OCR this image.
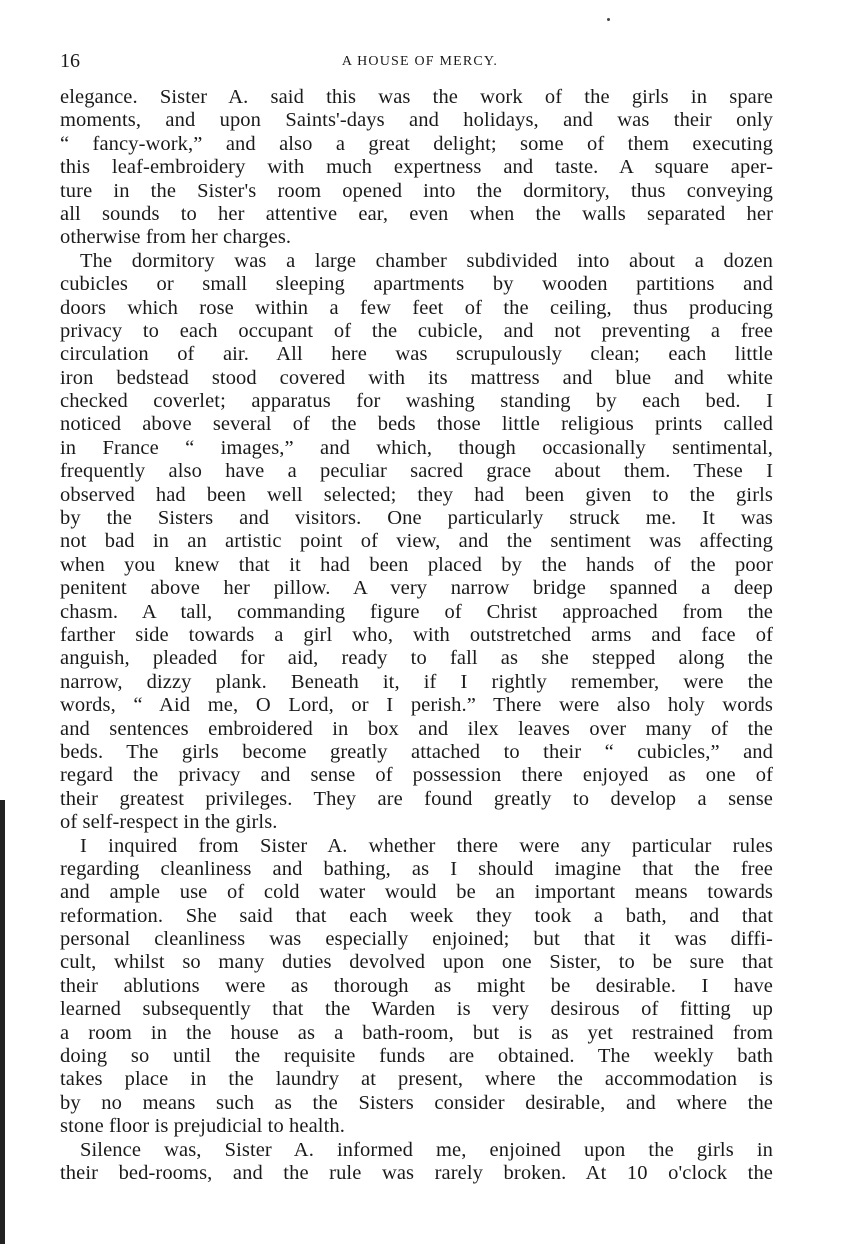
16	A HOUSE OF MERCY.
elegance. Sister A. said this was the work of the girls in spare
moments, and upon Saints'-days and holidays, and was their only
“ fancy-work,” and also a great delight; some of them executing
this leaf-embroidery with much expertness and taste. A square aper-
ture in the Sister's room opened into the dormitory, thus conveying
all sounds to her attentive ear, even when the walls separated her
otherwise from her charges.
The dormitory was a large chamber subdivided into about a dozen
cubicles or small sleeping apartments by wooden partitions and
doors which rose within a few feet of the ceiling, thus producing
privacy to each occupant of the cubicle, and not preventing a free
circulation of air. All here was scrupulously clean; each little
iron bedstead stood covered with its mattress and blue and white
checked coverlet; apparatus for washing standing by each bed. I
noticed above several of the beds those little religious prints called
in France “ images,” and which, though occasionally sentimental,
frequently also have a peculiar sacred grace about them. These I
observed had been well selected; they had been given to the girls
by the Sisters and visitors. One particularly struck me. It was
not bad in an artistic point of view, and the sentiment was affecting
when you knew that it had been placed by the hands of the poor
penitent above her pillow. A very narrow bridge spanned a deep
chasm. A tall, commanding figure of Christ approached from the
farther side towards a girl who, with outstretched arms and face of
anguish, pleaded for aid, ready to fall as she stepped along the
narrow, dizzy plank. Beneath it, if I rightly remember, were the
words, “ Aid me, O Lord, or I perish.” There were also holy words
and sentences embroidered in box and ilex leaves over many of the
beds. The girls become greatly attached to their “ cubicles,” and
regard the privacy and sense of possession there enjoyed as one of
their greatest privileges. They are found greatly to develop a sense
of self-respect in the girls.
I inquired from Sister A. whether there were any particular rules
regarding cleanliness and bathing, as I should imagine that the free
and ample use of cold water would be an important means towards
reformation. She said that each week they took a bath, and that
personal cleanliness was especially enjoined; but that it was diffi-
cult, whilst so many duties devolved upon one Sister, to be sure that
their ablutions were as thorough as might be desirable. I have
learned subsequently that the Warden is very desirous of fitting up
a room in the house as a bath-room, but is as yet restrained from
doing so until the requisite funds are obtained. The weekly bath
takes place in the laundry at present, where the accommodation is
by no means such as the Sisters consider desirable, and where the
stone floor is prejudicial to health.
Silence was, Sister A. informed me, enjoined upon the girls in
their bed-rooms, and the rule was rarely broken. At 10 o'clock the
